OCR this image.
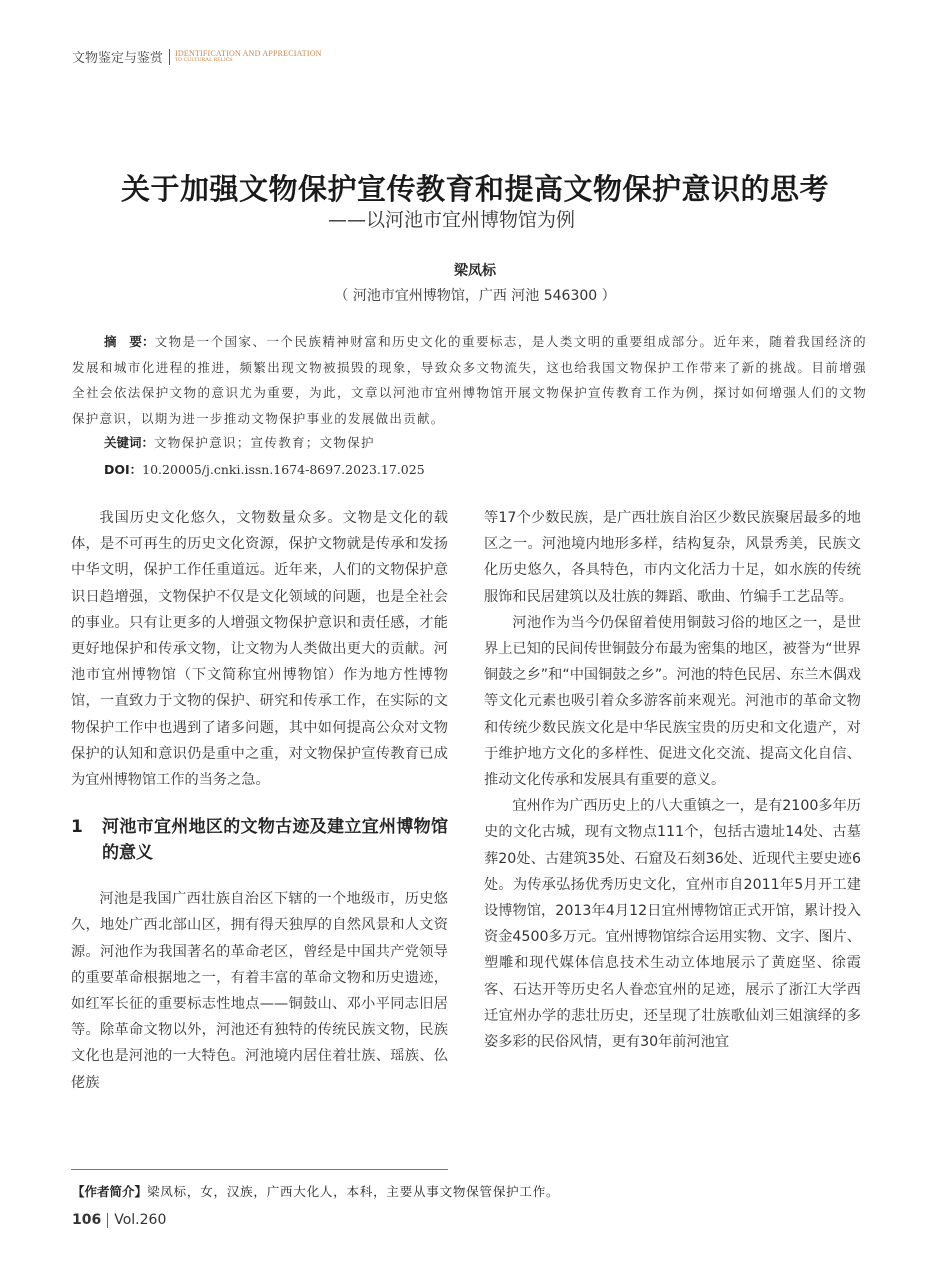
文物鉴定与鉴赏 IDENTIFICATION AND APPRECIATION
TO CULTURAL RELICS
关于加强文物保护宣传教育和提高文物保护意识的思考
——以河池市宜州博物馆为例
梁凤标
（ 河池市宜州博物馆，广西 河池 546300 ）
摘　要：文物是一个国家、一个民族精神财富和历史文化的重要标志，是人类文明的重要组成部分。近年来，随着我国经济的发展和城市化进程的推进，频繁出现文物被损毁的现象，导致众多文物流失，这也给我国文物保护工作带来了新的挑战。目前增强全社会依法保护文物的意识尤为重要，为此，文章以河池市宜州博物馆开展文物保护宣传教育工作为例，探讨如何增强人们的文物保护意识，以期为进一步推动文物保护事业的发展做出贡献。
关键词：文物保护意识；宣传教育；文物保护
DOI：10.20005/j.cnki.issn.1674-8697.2023.17.025

我国历史文化悠久，文物数量众多。文物是文化的载体，是不可再生的历史文化资源，保护文物就是传承和发扬中华文明，保护工作任重道远。近年来，人们的文物保护意识日趋增强，文物保护不仅是文化领域的问题，也是全社会的事业。只有让更多的人增强文物保护意识和责任感，才能更好地保护和传承文物，让文物为人类做出更大的贡献。河池市宜州博物馆（下文简称宜州博物馆）作为地方性博物馆，一直致力于文物的保护、研究和传承工作，在实际的文物保护工作中也遇到了诸多问题，其中如何提高公众对文物保护的认知和意识仍是重中之重，对文物保护宣传教育已成为宜州博物馆工作的当务之急。

1	河池市宜州地区的文物古迹及建立宜州博物馆的意义

河池是我国广西壮族自治区下辖的一个地级市，历史悠久，地处广西北部山区，拥有得天独厚的自然风景和人文资源。河池作为我国著名的革命老区，曾经是中国共产党领导的重要革命根据地之一，有着丰富的革命文物和历史遗迹，如红军长征的重要标志性地点——铜鼓山、邓小平同志旧居等。除革命文物以外，河池还有独特的传统民族文物，民族文化也是河池的一大特色。河池境内居住着壮族、瑶族、仫佬族

等17个少数民族，是广西壮族自治区少数民族聚居最多的地区之一。河池境内地形多样，结构复杂，风景秀美，民族文化历史悠久，各具特色，市内文化活力十足，如水族的传统服饰和民居建筑以及壮族的舞蹈、歌曲、竹编手工艺品等。

河池作为当今仍保留着使用铜鼓习俗的地区之一，是世界上已知的民间传世铜鼓分布最为密集的地区，被誉为“世界铜鼓之乡”和“中国铜鼓之乡”。河池的特色民居、东兰木偶戏等文化元素也吸引着众多游客前来观光。河池市的革命文物和传统少数民族文化是中华民族宝贵的历史和文化遗产，对于维护地方文化的多样性、促进文化交流、提高文化自信、推动文化传承和发展具有重要的意义。

宜州作为广西历史上的八大重镇之一，是有2100多年历史的文化古城，现有文物点111个，包括古遗址14处、古墓葬20处、古建筑35处、石窟及石刻36处、近现代主要史迹6处。为传承弘扬优秀历史文化，宜州市自2011年5月开工建设博物馆，2013年4月12日宜州博物馆正式开馆，累计投入资金4500多万元。宜州博物馆综合运用实物、文字、图片、塑雕和现代媒体信息技术生动立体地展示了黄庭坚、徐霞客、石达开等历史名人眷恋宜州的足迹，展示了浙江大学西迁宜州办学的悲壮历史，还呈现了壮族歌仙刘三姐演绎的多姿多彩的民俗风情，更有30年前河池宜

【作者简介】梁凤标，女，汉族，广西大化人，本科，主要从事文物保管保护工作。
106 Vol.260
